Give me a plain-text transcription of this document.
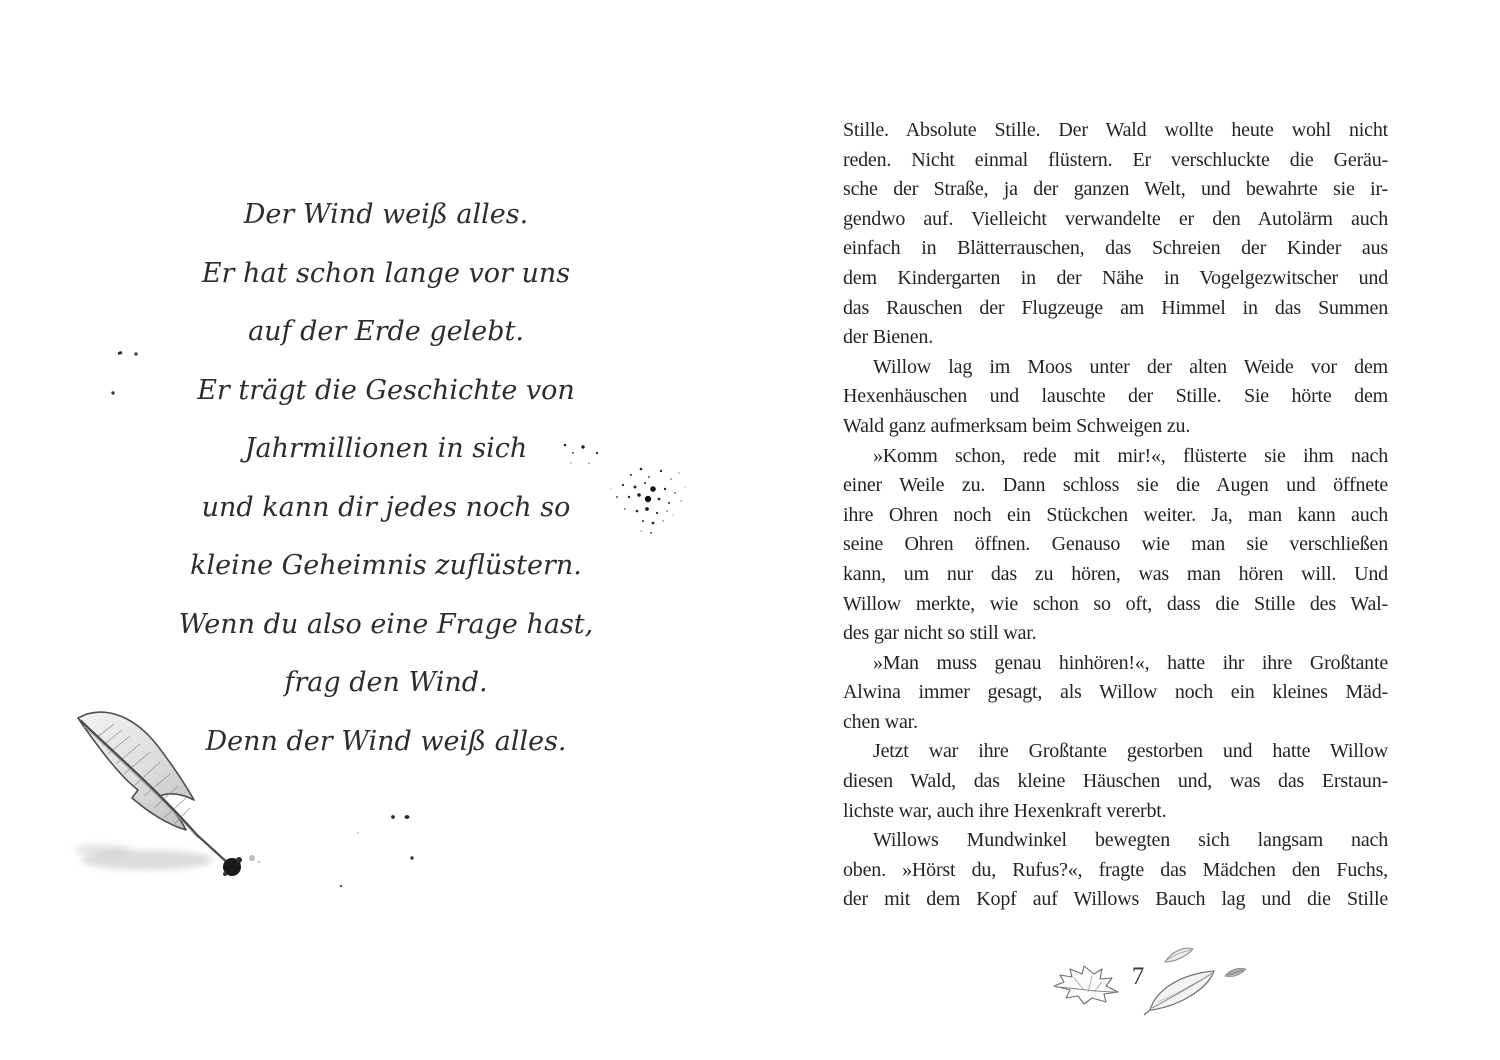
Der Wind weiß alles.
Er hat schon lange vor uns
auf der Erde gelebt.
Er trägt die Geschichte von
Jahrmillionen in sich
und kann dir jedes noch so
kleine Geheimnis zuflüstern.
Wenn du also eine Frage hast,
frag den Wind.
Denn der Wind weiß alles.
Stille. Absolute Stille. Der Wald wollte heute wohl nicht
reden. Nicht einmal flüstern. Er verschluckte die Geräu-
sche der Straße, ja der ganzen Welt, und bewahrte sie ir-
gendwo auf. Vielleicht verwandelte er den Autolärm auch
einfach in Blätterrauschen, das Schreien der Kinder aus
dem Kindergarten in der Nähe in Vogelgezwitscher und
das Rauschen der Flugzeuge am Himmel in das Summen
der Bienen.
Willow lag im Moos unter der alten Weide vor dem
Hexenhäuschen und lauschte der Stille. Sie hörte dem
Wald ganz aufmerksam beim Schweigen zu.
»Komm schon, rede mit mir!«, flüsterte sie ihm nach
einer Weile zu. Dann schloss sie die Augen und öffnete
ihre Ohren noch ein Stückchen weiter. Ja, man kann auch
seine Ohren öffnen. Genauso wie man sie verschließen
kann, um nur das zu hören, was man hören will. Und
Willow merkte, wie schon so oft, dass die Stille des Wal-
des gar nicht so still war.
»Man muss genau hinhören!«, hatte ihr ihre Großtante
Alwina immer gesagt, als Willow noch ein kleines Mäd-
chen war.
Jetzt war ihre Großtante gestorben und hatte Willow
diesen Wald, das kleine Häuschen und, was das Erstaun-
lichste war, auch ihre Hexenkraft vererbt.
Willows Mundwinkel bewegten sich langsam nach
oben. »Hörst du, Rufus?«, fragte das Mädchen den Fuchs,
der mit dem Kopf auf Willows Bauch lag und die Stille
7
